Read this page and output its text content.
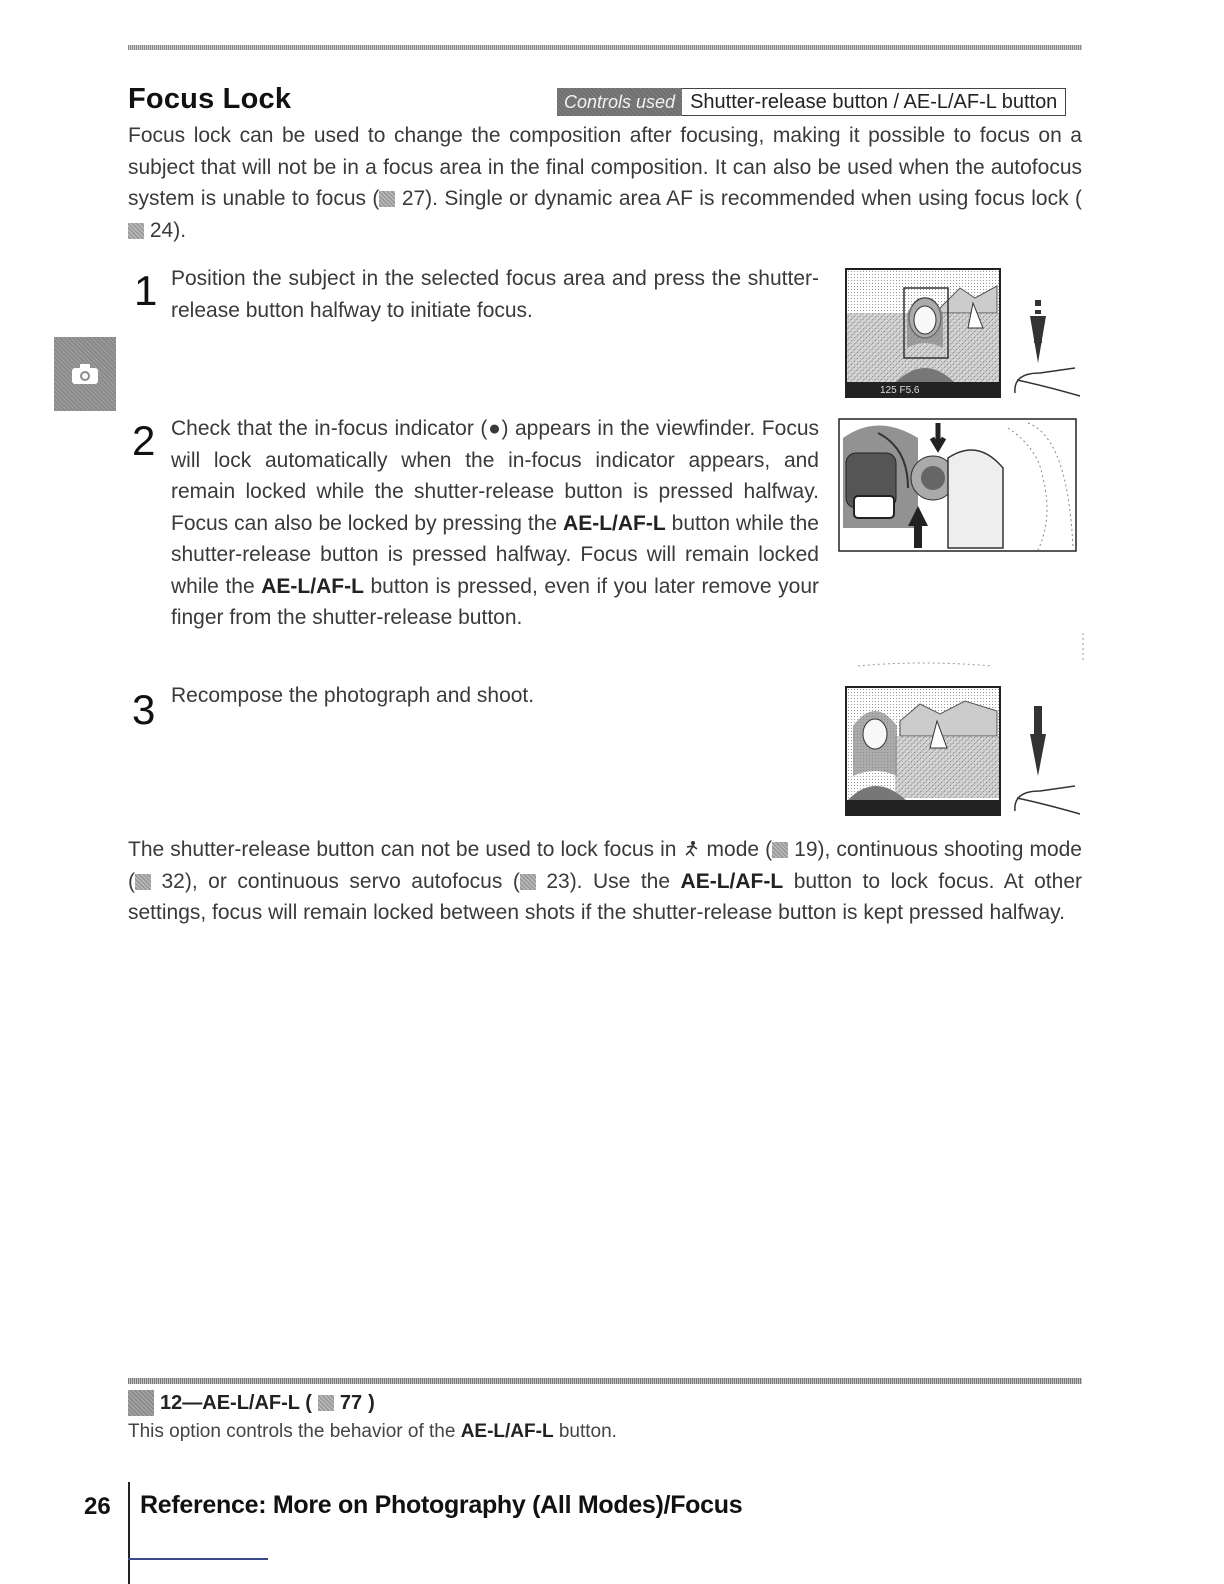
Focus Lock	Controls used Shutter-release button / AE-L/AF-L button
Focus lock can be used to change the composition after focusing, making it possible to focus on a subject that will not be in a focus area in the final composition. It can also be used when the autofocus system is unable to focus ( 27). Single or dynamic area AF is recommended when using focus lock ( 24).
1 Position the subject in the selected focus area and press the shutter-release button halfway to initiate focus.
125 F5.6
2 Check that the in-focus indicator (●) appears in the viewfinder. Focus will lock automatically when the in-focus indicator appears, and remain locked while the shutter-release button is pressed halfway. Focus can also be locked by pressing the AE-L/AF-L button while the shutter-release button is pressed halfway. Focus will remain locked while the AE-L/AF-L button is pressed, even if you later remove your finger from the shutter-release button.
3 Recompose the photograph and shoot.
The shutter-release button can not be used to lock focus in  mode ( 19), continuous shooting mode ( 32), or continuous servo autofocus ( 23). Use the AE-L/AF-L button to lock focus. At other settings, focus will remain locked between shots if the shutter-release button is kept pressed halfway.
12—AE-L/AF-L ( 77 )
This option controls the behavior of the AE-L/AF-L button.
26 Reference: More on Photography (All Modes)/Focus
